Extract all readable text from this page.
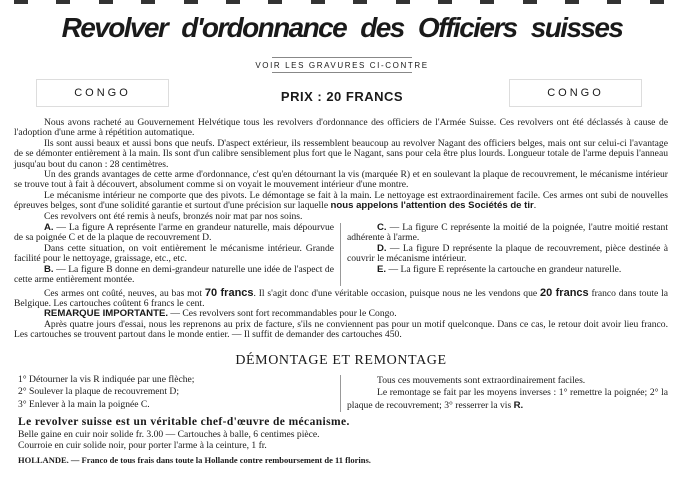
Revolver d'ordonnance des Officiers suisses
VOIR LES GRAVURES CI-CONTRE
CONGO	PRIX : 20 FRANCS	CONGO

Nous avons racheté au Gouvernement Helvétique tous les revolvers d'ordonnance des officiers de l'Armée Suisse. Ces revolvers ont été déclassés à cause de l'adoption d'une arme à répétition automatique.

Ils sont aussi beaux et aussi bons que neufs. D'aspect extérieur, ils ressemblent beaucoup au revolver Nagant des officiers belges, mais ont sur celui-ci l'avantage de se démonter entièrement à la main. Ils sont d'un calibre sensiblement plus fort que le Nagant, sans pour cela être plus lourds. Longueur totale de l'arme depuis l'anneau jusqu'au bout du canon : 28 centimètres.

Un des grands avantages de cette arme d'ordonnance, c'est qu'en détournant la vis (marquée R) et en soulevant la plaque de recouvrement, le mécanisme intérieur se trouve tout à fait à découvert, absolument comme si on voyait le mouvement intérieur d'une montre.

Le mécanisme intérieur ne comporte que des pivots. Le démontage se fait à la main. Le nettoyage est extraordinairement facile. Ces armes ont subi de nouvelles épreuves belges, sont d'une solidité garantie et surtout d'une précision sur laquelle nous appelons l'attention des Sociétés de tir.

Ces revolvers ont été remis à neufs, bronzés noir mat par nos soins.

A. — La figure A représente l'arme en grandeur naturelle, mais dépourvue de sa poignée C et de la plaque de recouvrement D.

Dans cette situation, on voit entièrement le mécanisme intérieur. Grande facilité pour le nettoyage, graissage, etc., etc.

B. — La figure B donne en demi-grandeur naturelle une idée de l'aspect de cette arme entièrement montée.

C. — La figure C représente la moitié de la poignée, l'autre moitié restant adhérente à l'arme.

D. — La figure D représente la plaque de recouvrement, pièce destinée à couvrir le mécanisme intérieur.

E. — La figure E représente la cartouche en grandeur naturelle.

Ces armes ont coûté, neuves, au bas mot 70 francs. Il s'agit donc d'une véritable occasion, puisque nous ne les vendons que 20 francs franco dans toute la Belgique. Les cartouches coûtent 6 francs le cent.

REMARQUE IMPORTANTE. — Ces revolvers sont fort recommandables pour le Congo.

Après quatre jours d'essai, nous les reprenons au prix de facture, s'ils ne conviennent pas pour un motif quelconque. Dans ce cas, le retour doit avoir lieu franco. Les cartouches se trouvent partout dans le monde entier. — Il suffit de demander des cartouches 450.

DÉMONTAGE ET REMONTAGE

1° Détourner la vis R indiquée par une flèche;

2° Soulever la plaque de recouvrement D;

3° Enlever à la main la poignée C.

Tous ces mouvements sont extraordinairement faciles.

Le remontage se fait par les moyens inverses : 1° remettre la poignée; 2° la plaque de recouvrement; 3° resserrer la vis R.

Le revolver suisse est un véritable chef-d'œuvre de mécanisme.

Belle gaine en cuir noir solide fr. 3.00 — Cartouches à balle, 6 centimes pièce.

Courroie en cuir solide noir, pour porter l'arme à la ceinture, 1 fr.

HOLLANDE. — Franco de tous frais dans toute la Hollande contre remboursement de 11 florins.
